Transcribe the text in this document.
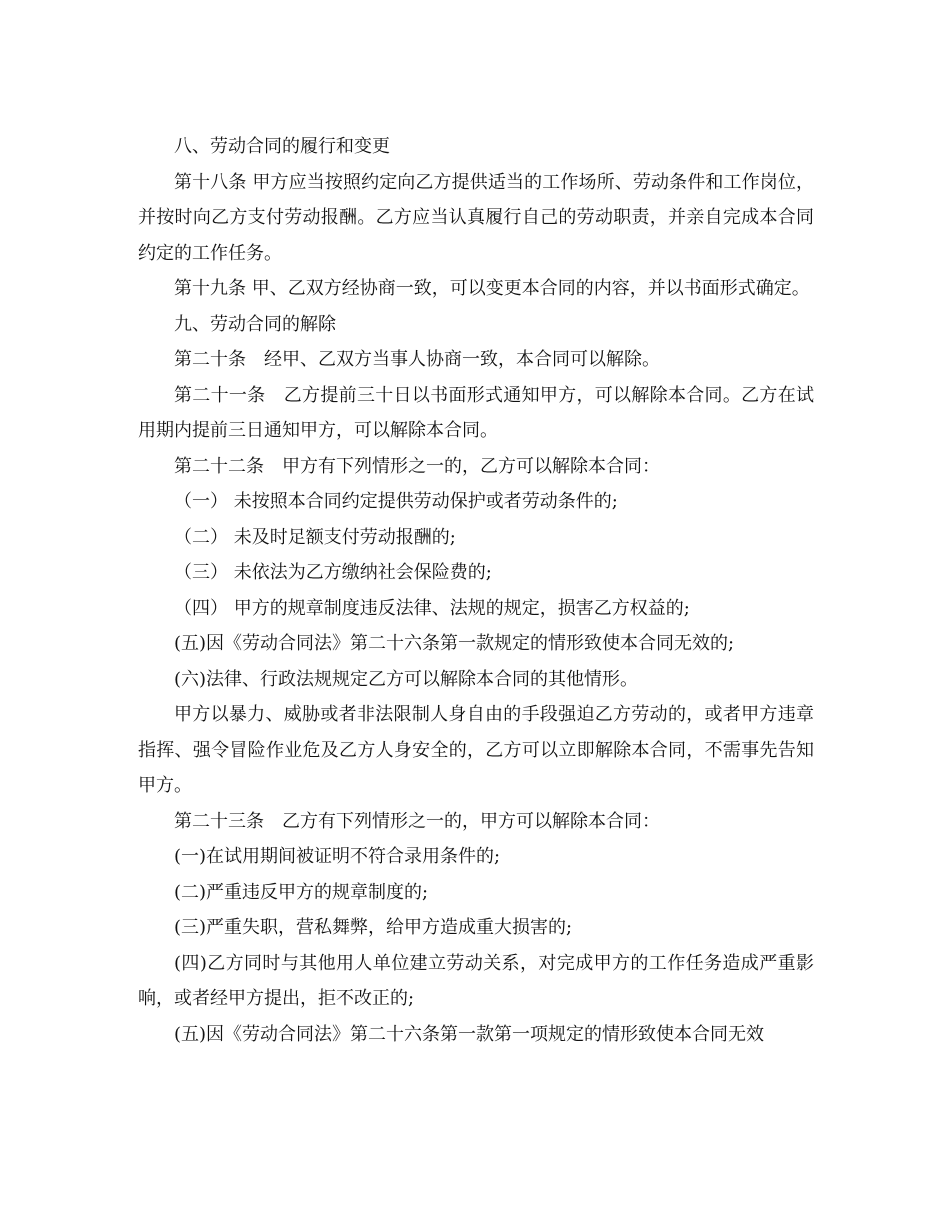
八、劳动合同的履行和变更

第十八条 甲方应当按照约定向乙方提供适当的工作场所、劳动条件和工作岗位，并按时向乙方支付劳动报酬。乙方应当认真履行自己的劳动职责，并亲自完成本合同约定的工作任务。

第十九条 甲、乙双方经协商一致，可以变更本合同的内容，并以书面形式确定。

九、劳动合同的解除

第二十条　经甲、乙双方当事人协商一致，本合同可以解除。

第二十一条　乙方提前三十日以书面形式通知甲方，可以解除本合同。乙方在试用期内提前三日通知甲方，可以解除本合同。

第二十二条　甲方有下列情形之一的，乙方可以解除本合同：

（一） 未按照本合同约定提供劳动保护或者劳动条件的;

（二） 未及时足额支付劳动报酬的;

（三） 未依法为乙方缴纳社会保险费的;

（四） 甲方的规章制度违反法律、法规的规定，损害乙方权益的;

(五)因《劳动合同法》第二十六条第一款规定的情形致使本合同无效的;

(六)法律、行政法规规定乙方可以解除本合同的其他情形。

甲方以暴力、威胁或者非法限制人身自由的手段强迫乙方劳动的，或者甲方违章指挥、强令冒险作业危及乙方人身安全的，乙方可以立即解除本合同，不需事先告知甲方。

第二十三条　乙方有下列情形之一的，甲方可以解除本合同：

(一)在试用期间被证明不符合录用条件的;

(二)严重违反甲方的规章制度的;

(三)严重失职，营私舞弊，给甲方造成重大损害的;

(四)乙方同时与其他用人单位建立劳动关系，对完成甲方的工作任务造成严重影响，或者经甲方提出，拒不改正的;

(五)因《劳动合同法》第二十六条第一款第一项规定的情形致使本合同无效
